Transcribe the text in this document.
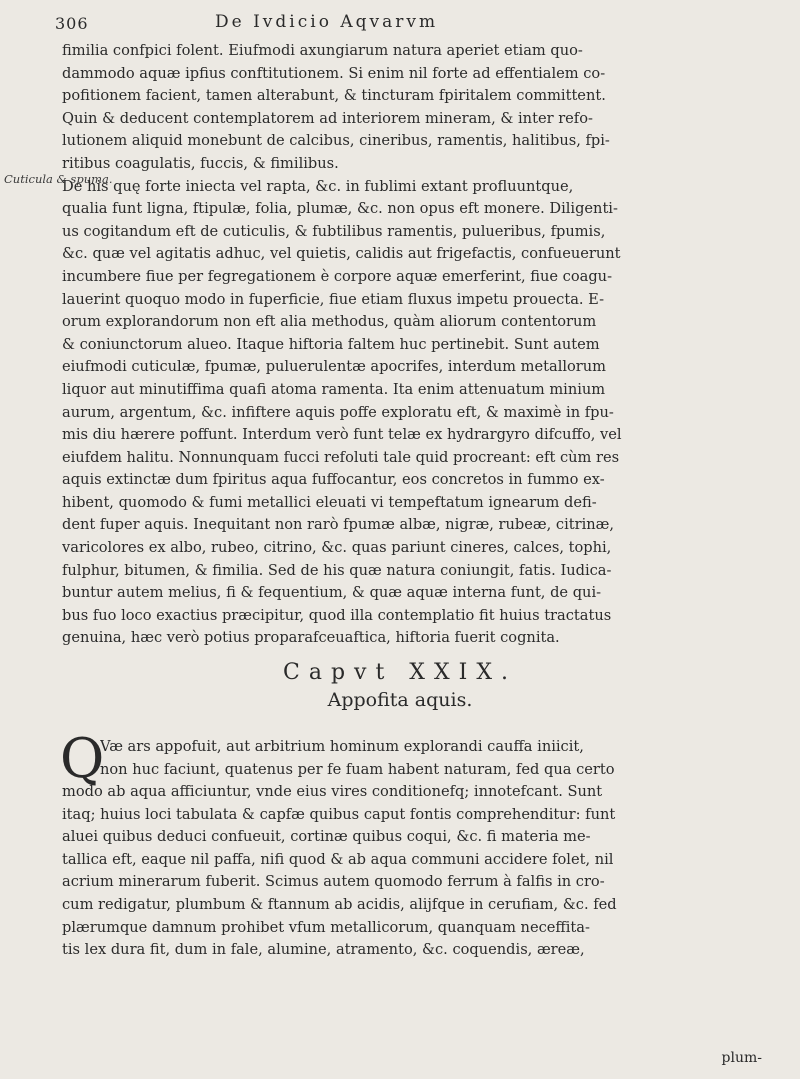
306	De Ivdicio Aqvarvm
Cuticula & spuma.
fimilia confpici folent. Eiufmodi axungiarum natura aperiet etiam quo-
dammodo aquæ ipfius conftitutionem. Si enim nil forte ad effentialem co-
pofitionem facient, tamen alterabunt, & tincturam fpiritalem committent.
Quin & deducent contemplatorem ad interiorem mineram, & inter refo-
lutionem aliquid monebunt de calcibus, cineribus, ramentis, halitibus, fpi-
ritibus coagulatis, fuccis, & fimilibus.
De his quę forte iniecta vel rapta, &c. in fublimi extant profluuntque,
qualia funt ligna, ftipulæ, folia, plumæ, &c. non opus eft monere. Diligenti-
us cogitandum eft de cuticulis, & fubtilibus ramentis, pulueribus, fpumis,
&c. quæ vel agitatis adhuc, vel quietis, calidis aut frigefactis, confueuerunt
incumbere fiue per fegregationem è corpore aquæ emerferint, fiue coagu-
lauerint quoquo modo in fuperficie, fiue etiam fluxus impetu prouecta. E-
orum explorandorum non eft alia methodus, quàm aliorum contentorum
& coniunctorum alueo. Itaque hiftoria faltem huc pertinebit. Sunt autem
eiufmodi cuticulæ, fpumæ, puluerulentæ apocrifes, interdum metallorum
liquor aut minutiffima quafi atoma ramenta. Ita enim attenuatum minium
aurum, argentum, &c. infiftere aquis poffe exploratu eft, & maximè in fpu-
mis diu hærere poffunt. Interdum verò funt telæ ex hydrargyro difcuffo, vel
eiufdem halitu. Nonnunquam fucci refoluti tale quid procreant: eft cùm res
aquis extinctæ dum fpiritus aqua fuffocantur, eos concretos in fummo ex-
hibent, quomodo & fumi metallici eleuati vi tempeftatum ignearum defi-
dent fuper aquis. Inequitant non rarò fpumæ albæ, nigræ, rubeæ, citrinæ,
varicolores ex albo, rubeo, citrino, &c. quas pariunt cineres, calces, tophi,
fulphur, bitumen, & fimilia. Sed de his quæ natura coniungit, fatis. Iudica-
buntur autem melius, fi & fequentium, & quæ aquæ interna funt, de qui-
bus fuo loco exactius præcipitur, quod illa contemplatio fit huius tractatus
genuina, hæc verò potius proparafceuaftica, hiftoria fuerit cognita.
Capvt XXIX.
Appofita aquis.
Q
Væ ars appofuit, aut arbitrium hominum explorandi cauffa iniicit,
non huc faciunt, quatenus per fe fuam habent naturam, fed qua certo
modo ab aqua afficiuntur, vnde eius vires conditionefq; innotefcant. Sunt
itaq; huius loci tabulata & capfæ quibus caput fontis comprehenditur: funt
aluei quibus deduci confueuit, cortinæ quibus coqui, &c. fi materia me-
tallica eft, eaque nil paffa, nifi quod & ab aqua communi accidere folet, nil
acrium minerarum fuberit. Scimus autem quomodo ferrum à falfis in cro-
cum redigatur, plumbum & ftannum ab acidis, alijfque in cerufiam, &c. fed
plærumque damnum prohibet vfum metallicorum, quanquam neceffita-
tis lex dura fit, dum in fale, alumine, atramento, &c. coquendis, æreæ,
plum-
